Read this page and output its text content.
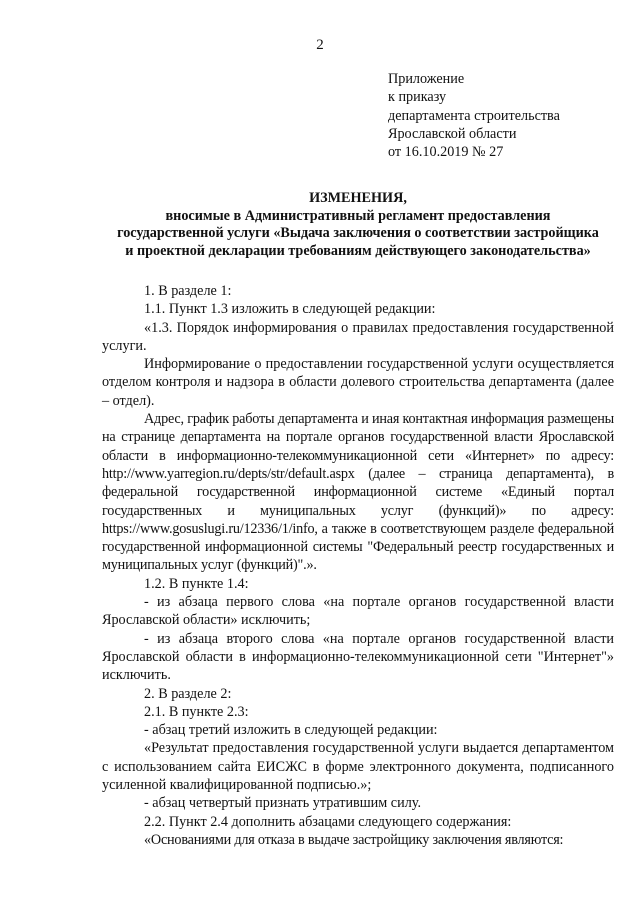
2
Приложение
к приказу
департамента строительства
Ярославской области
от 16.10.2019 № 27
ИЗМЕНЕНИЯ,
вносимые в Административный регламент предоставления
государственной услуги «Выдача заключения о соответствии застройщика
и проектной декларации требованиям действующего законодательства»

1. В разделе 1:

1.1. Пункт 1.3 изложить в следующей редакции:

«1.3. Порядок информирования о правилах предоставления государственной услуги.

Информирование о предоставлении государственной услуги осуществляется отделом контроля и надзора в области долевого строительства департамента (далее – отдел).

Адрес, график работы департамента и иная контактная информация размещены на странице департамента на портале органов государственной власти Ярославской области в информационно-телекоммуникационной сети «Интернет» по адресу: http://www.yarregion.ru/depts/str/default.aspx (далее – страница департамента), в федеральной государственной информационной системе «Единый портал государственных и муниципальных услуг (функций)» по адресу: https://www.gosuslugi.ru/12336/1/info, а также в соответствующем разделе федеральной государственной информационной системы "Федеральный реестр государственных и муниципальных услуг (функций)".».

1.2. В пункте 1.4:

- из абзаца первого слова «на портале органов государственной власти Ярославской области» исключить;

- из абзаца второго слова «на портале органов государственной власти Ярославской области в информационно-телекоммуникационной сети "Интернет"» исключить.

2. В разделе 2:

2.1. В пункте 2.3:

- абзац третий изложить в следующей редакции:

«Результат предоставления государственной услуги выдается департаментом с использованием сайта ЕИСЖС в форме электронного документа, подписанного усиленной квалифицированной подписью.»;

- абзац четвертый признать утратившим силу.

2.2. Пункт 2.4 дополнить абзацами следующего содержания:

«Основаниями для отказа в выдаче застройщику заключения являются:
